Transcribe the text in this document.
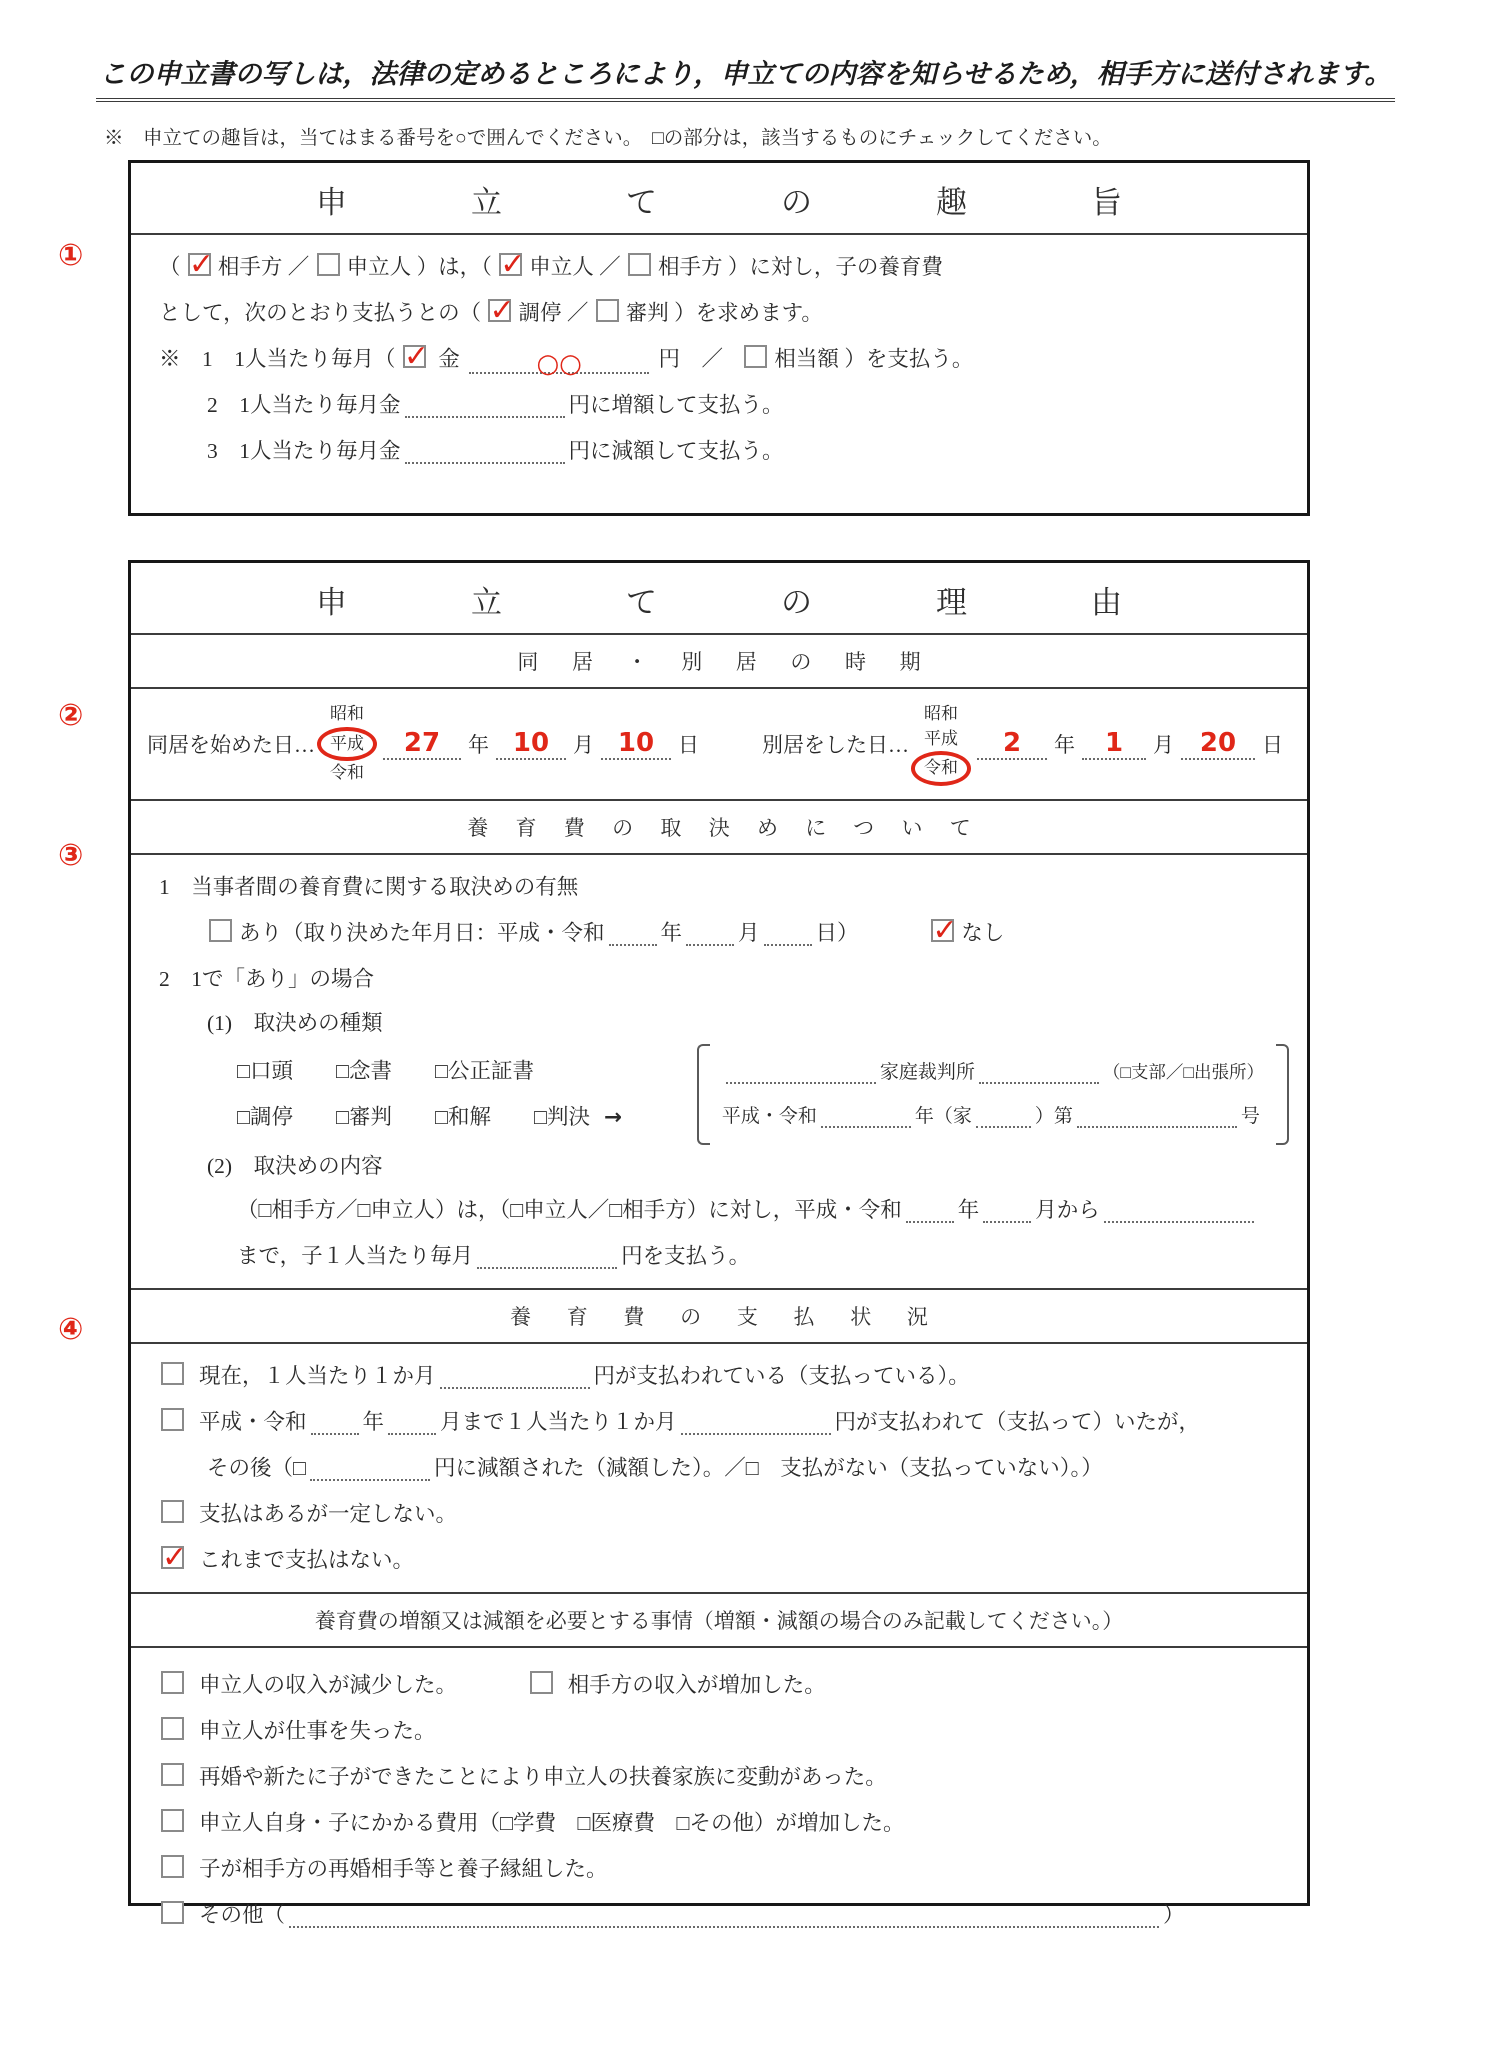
この申立書の写しは，法律の定めるところにより，申立ての内容を知らせるため，相手方に送付されます。
※　申立ての趣旨は，当てはまる番号を○で囲んでください。　□の部分は，該当するものにチェックしてください。
①
②
③
④
申立ての趣旨
（ ✓ 相手方 ／ 申立人 ）は，（ ✓ 申立人 ／ 相手方 ）に対し，子の養育費
として，次のとおり支払うとの（ ✓ 調停 ／ 審判 ）を求めます。
※　1　1人当たり毎月（ ✓ 金	○○	円　／ 相当額 ）を支払う。
2　1人当たり毎月金	円に増額して支払う。
3　1人当たり毎月金	円に減額して支払う。
申立ての理由
同居・別居の時期
同居を始めた日…
昭和
平成
令和
27	年 10	月 10	日	別居をした日…
昭和
平成
令和
2	年	1	月 20	日
養育費の取決めについて
1　当事者間の養育費に関する取決めの有無
あり（取り決めた年月日：平成・令和	年	月	日） ✓	なし
2　1で「あり」の場合
(1)　取決めの種類
□口頭　　□念書　　□公正証書
□調停　　□審判　　□和解　　□判決 →
家庭裁判所	（□支部／□出張所）
平成・令和	年（家	）第	号
(2)　取決めの内容
（□相手方／□申立人）は，（□申立人／□相手方）に対し，平成・令和	年	月から
まで，子１人当たり毎月	円を支払う。
養育費の支払状況
現在，１人当たり１か月	円が支払われている（支払っている）。
平成・令和	年	月まで１人当たり１か月	円が支払われて（支払って）いたが，
その後（□	円に減額された（減額した）。／□　支払がない（支払っていない）。）
支払はあるが一定しない。
✓これまで支払はない。
養育費の増額又は減額を必要とする事情（増額・減額の場合のみ記載してください。）
申立人の収入が減少した。	相手方の収入が増加した。
申立人が仕事を失った。
再婚や新たに子ができたことにより申立人の扶養家族に変動があった。
申立人自身・子にかかる費用（□学費　□医療費　□その他）が増加した。
子が相手方の再婚相手等と養子縁組した。
その他（	）
